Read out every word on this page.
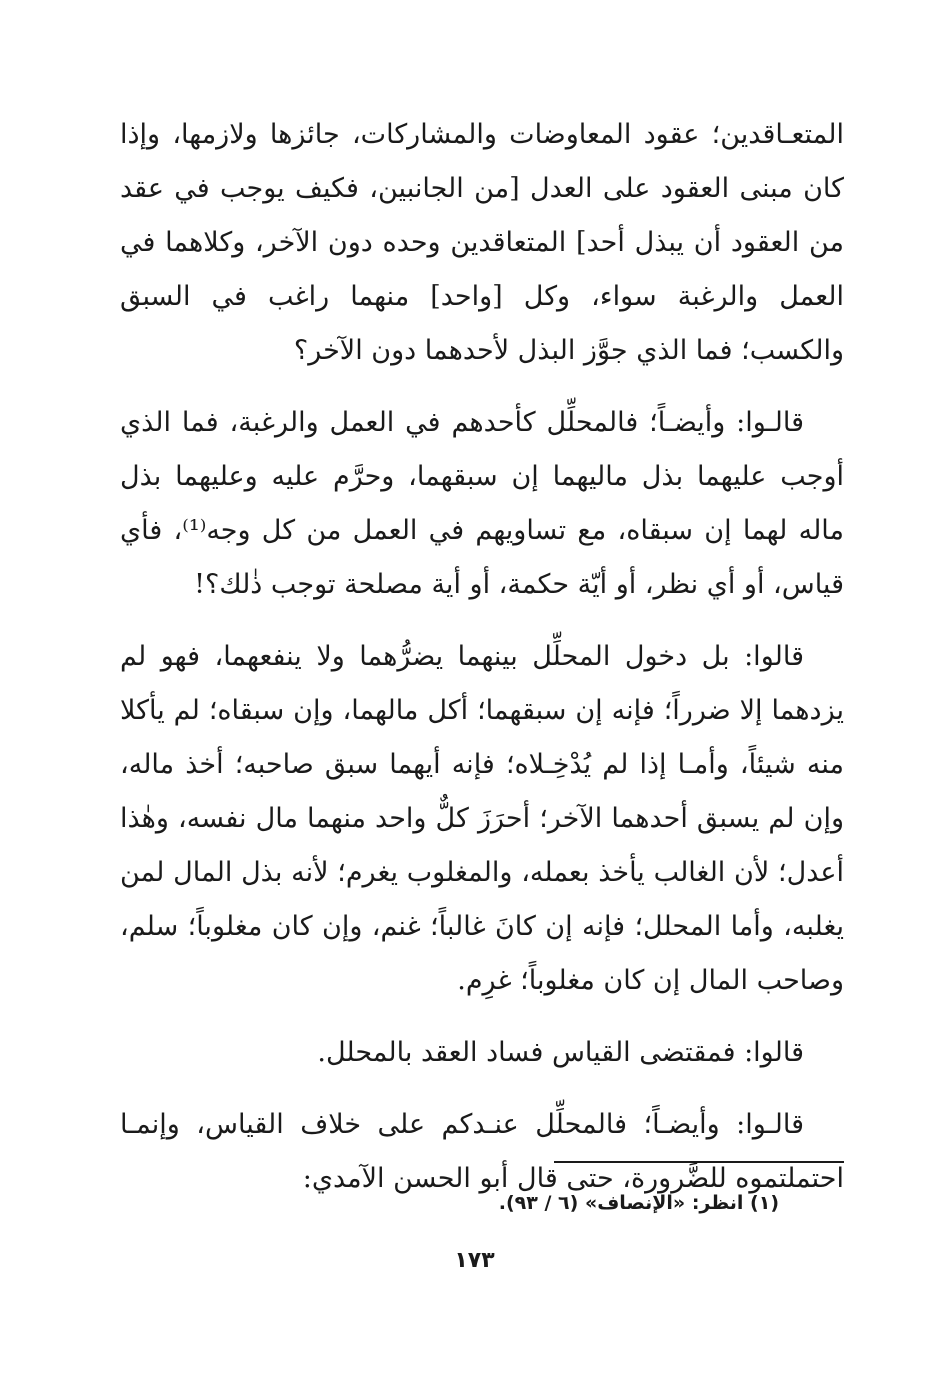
المتعـاقدين؛ عقود المعاوضات والمشاركات، جائزها ولازمها، وإذا كان مبنى العقود على العدل [من الجانبين، فكيف يوجب في عقد من العقود أن يبذل أحد] المتعاقدين وحده دون الآخر، وكلاهما في العمل والرغبة سواء، وكل [واحد] منهما راغب في السبق والكسب؛ فما الذي جوَّز البذل لأحدهما دون الآخر؟

قالـوا: وأيضـاً؛ فالمحلِّل كأحدهم في العمل والرغبة، فما الذي أوجب عليهما بذل ماليهما إن سبقهما، وحرَّم عليه وعليهما بذل ماله لهما إن سبقاه، مع تساويهم في العمل من كل وجه⁽¹⁾، فأي قياس، أو أي نظر، أو أيّة حكمة، أو أية مصلحة توجب ذٰلك؟!

قالوا: بل دخول المحلِّل بينهما يضرُّهما ولا ينفعهما، فهو لم يزدهما إلا ضرراً؛ فإنه إن سبقهما؛ أكل مالهما، وإن سبقاه؛ لم يأكلا منه شيئاً، وأمـا إذا لم يُدْخِـلاه؛ فإنه أيهما سبق صاحبه؛ أخذ ماله، وإن لم يسبق أحدهما الآخر؛ أحرَزَ كلٌّ واحد منهما مال نفسه، وهٰذا أعدل؛ لأن الغالب يأخذ بعمله، والمغلوب يغرم؛ لأنه بذل المال لمن يغلبه، وأما المحلل؛ فإنه إن كانَ غالباً؛ غنم، وإن كان مغلوباً؛ سلم، وصاحب المال إن كان مغلوباً؛ غرِم.

قالوا: فمقتضى القياس فساد العقد بالمحلل.

قالـوا: وأيضـاً؛ فالمحلِّل عنـدكم على خلاف القياس، وإنمـا احتملتموه للضَّرورة، حتى قال أبو الحسن الآمدي:

(١) انظر: «الإنصاف» (٦ / ٩٣).
١٧٣
